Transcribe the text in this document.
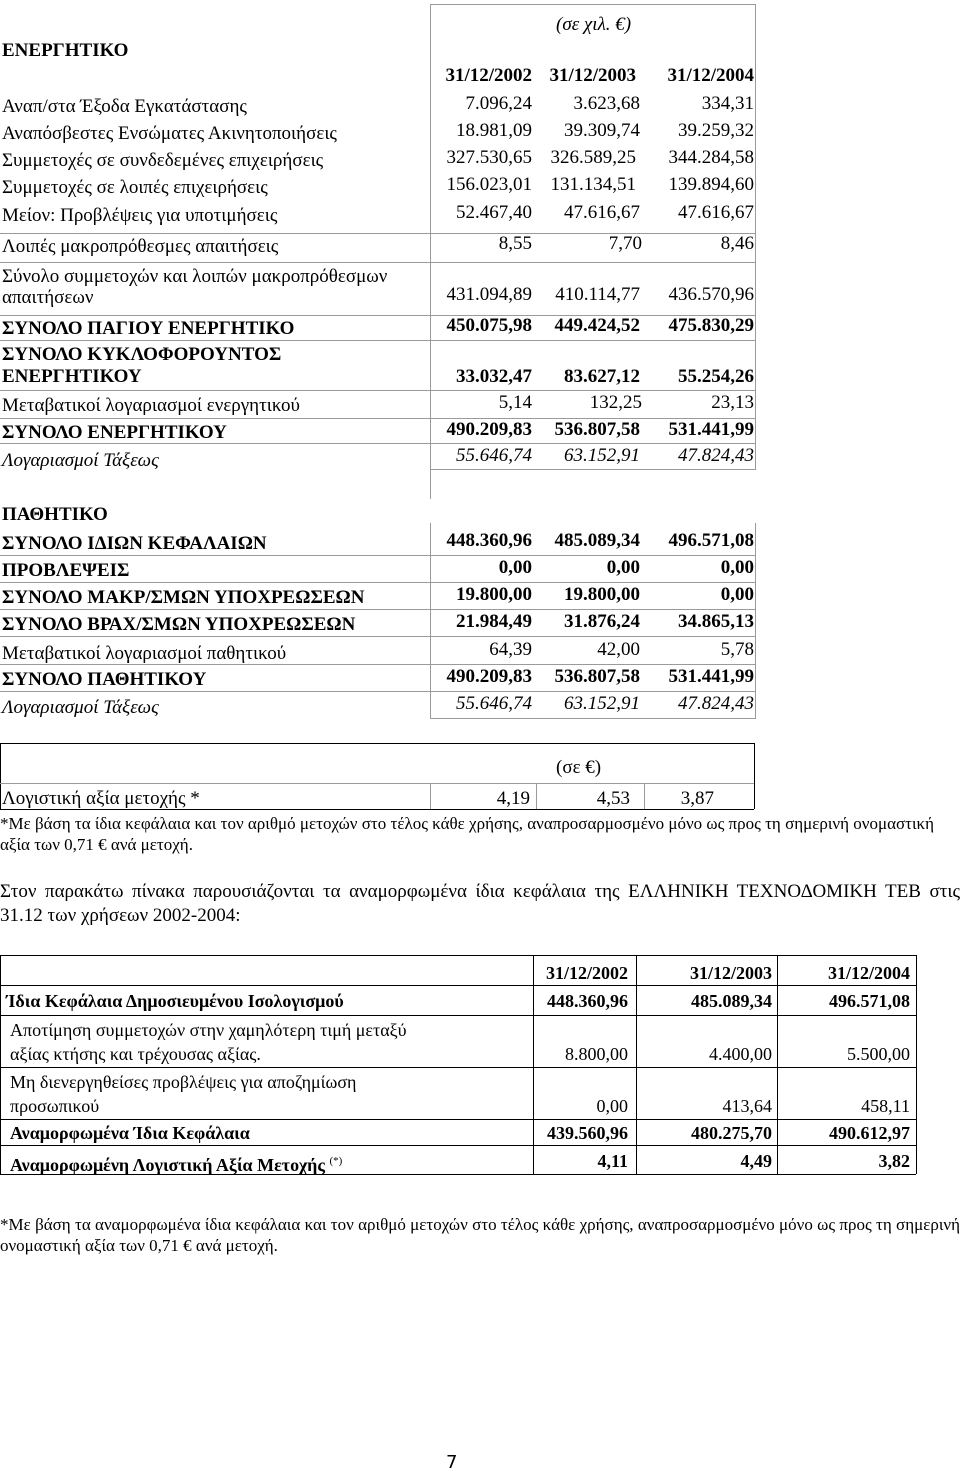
(σε χιλ. €)
ΕΝΕΡΓΗΤΙΚΟ
31/12/2002 31/12/2003 31/12/2004
Αναπ/στα Έξοδα Εγκατάστασης	7.096,24 3.623,68	334,31
Αναπόσβεστες Ενσώματες Ακινητοποιήσεις	18.981,09 39.309,74 39.259,32
Συμμετοχές σε συνδεδεμένες επιχειρήσεις	327.530,65 326.589,25 344.284,58
Συμμετοχές σε λοιπές επιχειρήσεις	156.023,01 131.134,51 139.894,60
Μείον: Προβλέψεις για υποτιμήσεις	52.467,40 47.616,67 47.616,67
Λοιπές μακροπρόθεσμες απαιτήσεις	8,55	7,70	8,46
Σύνολο συμμετοχών και λοιπών μακροπρόθεσμων
απαιτήσεων	431.094,89 410.114,77 436.570,96
ΣΥΝΟΛΟ ΠΑΓΙΟΥ ΕΝΕΡΓΗΤΙΚΟ	450.075,98 449.424,52 475.830,29
ΣΥΝΟΛΟ ΚΥΚΛΟΦΟΡΟΥΝΤΟΣ
ΕΝΕΡΓΗΤΙΚΟΥ	33.032,47 83.627,12 55.254,26
Μεταβατικοί λογαριασμοί ενεργητικού	5,14	132,25	23,13
ΣΥΝΟΛΟ ΕΝΕΡΓΗΤΙΚΟΥ	490.209,83 536.807,58 531.441,99
Λογαριασμοί Τάξεως	55.646,74 63.152,91 47.824,43
ΠΑΘΗΤΙΚΟ
ΣΥΝΟΛΟ ΙΔΙΩΝ ΚΕΦΑΛΑΙΩΝ	448.360,96 485.089,34 496.571,08
ΠΡΟΒΛΕΨΕΙΣ	0,00	0,00	0,00
ΣΥΝΟΛΟ ΜΑΚΡ/ΣΜΩΝ ΥΠΟΧΡΕΩΣΕΩΝ	19.800,00 19.800,00	0,00
ΣΥΝΟΛΟ ΒΡΑΧ/ΣΜΩΝ ΥΠΟΧΡΕΩΣΕΩΝ	21.984,49 31.876,24 34.865,13
Μεταβατικοί λογαριασμοί παθητικού	64,39	42,00	5,78
ΣΥΝΟΛΟ ΠΑΘΗΤΙΚΟΥ	490.209,83 536.807,58 531.441,99
Λογαριασμοί Τάξεως	55.646,74 63.152,91 47.824,43
(σε €)
Λογιστική αξία μετοχής *	4,19	4,53	3,87
*Με βάση τα ίδια κεφάλαια και τον αριθμό μετοχών στο τέλος κάθε χρήσης, αναπροσαρμοσμένο μόνο ως προς τη σημερινή ονομαστική αξία των 0,71 € ανά μετοχή.
Στον παρακάτω πίνακα παρουσιάζονται τα αναμορφωμένα ίδια κεφάλαια της ΕΛΛΗΝΙΚΗ ΤΕΧΝΟΔΟΜΙΚΗ ΤΕΒ στις 31.12 των χρήσεων 2002-2004:
31/12/2002	31/12/2003	31/12/2004
Ίδια Κεφάλαια Δημοσιευμένου Ισολογισμού	448.360,96	485.089,34	496.571,08
Αποτίμηση συμμετοχών στην χαμηλότερη τιμή μεταξύ
αξίας κτήσης και τρέχουσας αξίας.	8.800,00	4.400,00	5.500,00
Μη διενεργηθείσες προβλέψεις για αποζημίωση
προσωπικού	0,00	413,64	458,11
Αναμορφωμένα Ίδια Κεφάλαια	439.560,96	480.275,70	490.612,97
Αναμορφωμένη Λογιστική Αξία Μετοχής (*)	4,11	4,49	3,82
*Με βάση τα αναμορφωμένα ίδια κεφάλαια και τον αριθμό μετοχών στο τέλος κάθε χρήσης, αναπροσαρμοσμένο μόνο ως προς τη σημερινή ονομαστική αξία των 0,71 € ανά μετοχή.
7
